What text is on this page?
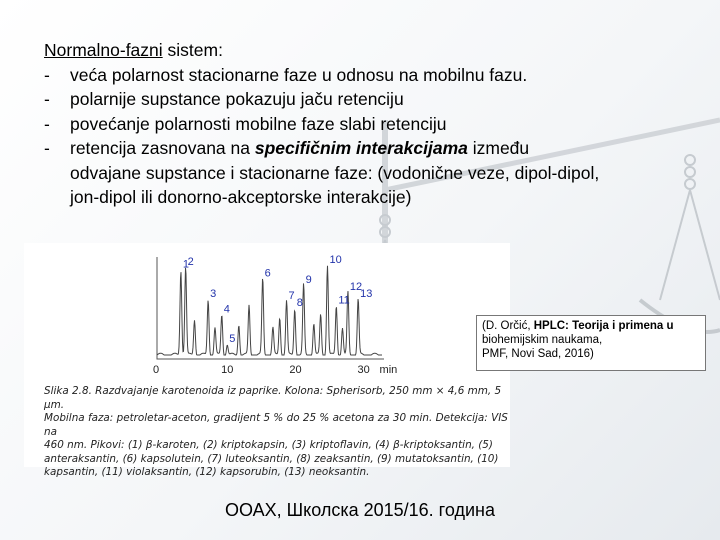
Normalno-fazni sistem:
- veća polarnost stacionarne faze u odnosu na mobilnu fazu.
- polarnije supstance pokazuju jaču retenciju
- povećanje polarnosti mobilne faze slabi retenciju
- retencija zasnovana na specifičnim interakcijama između
odvajane supstance i stacionarne faze: (vodonične veze, dipol-dipol,
jon-dipol ili donorno-akceptorske interakcije)
1
2
3
4
5
6
7
8
9
10
11
12
13
0	10	20	30 min
Slika 2.8. Razdvajanje karotenoida iz paprike. Kolona: Spherisorb, 250 mm × 4,6 mm, 5 µm.
Mobilna faza: petroletar-aceton, gradijent 5 % do 25 % acetona za 30 min. Detekcija: VIS na
460 nm. Pikovi: (1) β-karoten, (2) kriptokapsin, (3) kriptoflavin, (4) β-kriptoksantin, (5)
anteraksantin, (6) kapsolutein, (7) luteoksantin, (8) zeaksantin, (9) mutatoksantin, (10)
kapsantin, (11) violaksantin, (12) kapsorubin, (13) neoksantin.
(D. Orčić, HPLC: Teorija i primena u
biohemijskim naukama,
PMF, Novi Sad, 2016)
ООАХ, Школска 2015/16. година
